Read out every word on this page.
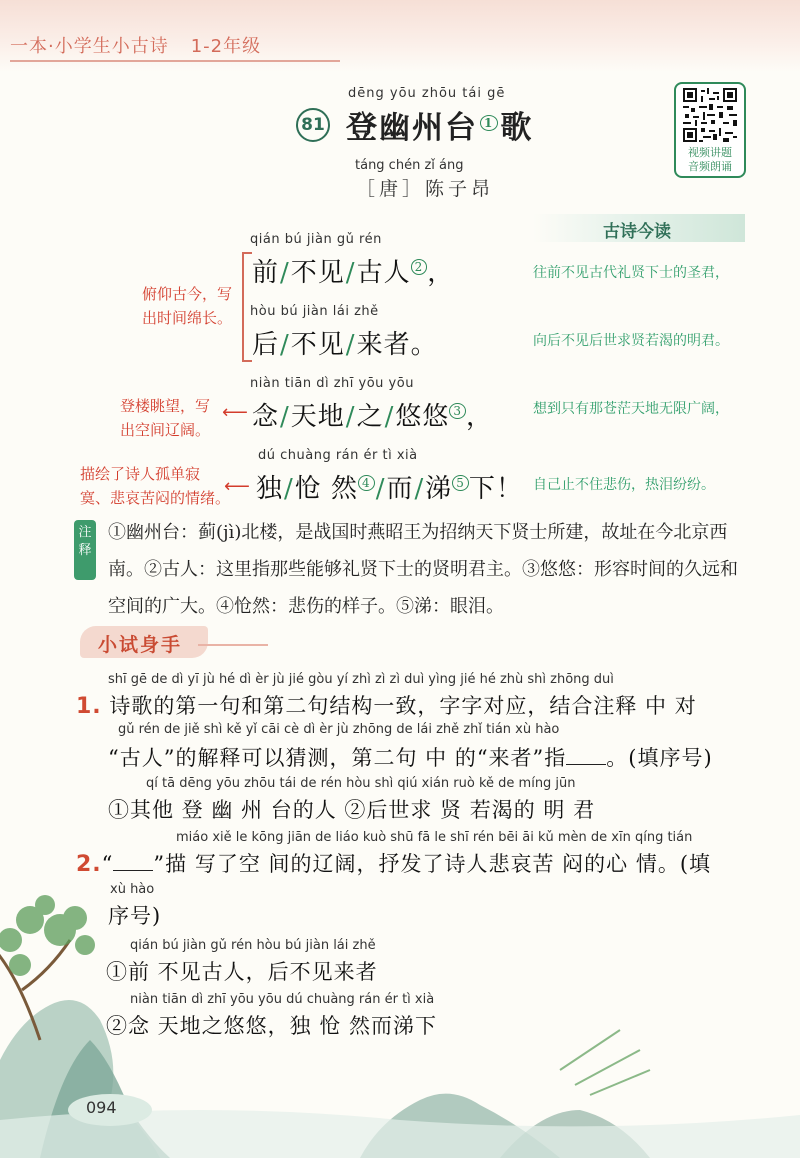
一本·小学生小古诗 1-2年级
81
dēng yōu zhōu tái gē
登幽州台 $^1$ 歌
táng chén zǐ áng
［唐］陈子昂
视频讲题
音频朗诵
古诗今读
qián bú jiàn gǔ rén
前/不见/古人 $^2$ ，	往前不见古代礼贤下士的圣君，
hòu bú jiàn lái zhě
后/不见/来者。	向后不见后世求贤若渴的明君。
俯仰古今，写
出时间绵长。
niàn tiān dì zhī yōu yōu
念/天地/之/悠悠 $^3$ ，	想到只有那苍茫天地无限广阔，
登楼眺望，写
出空间辽阔。
⟵
dú chuàng rán ér tì xià
独/怆 然 $^4$ /而/涕 $^5$ 下！ 自己止不住悲伤，热泪纷纷。
描绘了诗人孤单寂
寞、悲哀苦闷的情绪。
⟵
注释
①幽州台：蓟(jì)北楼，是战国时燕昭王为招纳天下贤士所建，故址在今北京西南。②古人：这里指那些能够礼贤下士的贤明君主。③悠悠：形容时间的久远和空间的广大。④怆然：悲伤的样子。⑤涕：眼泪。
小试身手
shī gē de dì yī jù hé dì èr jù jié gòu yí zhì zì zì duì yìng jié hé zhù shì zhōng duì
1. 诗歌的第一句和第二句结构一致，字字对应，结合注释 中 对
gǔ rén de jiě shì kě yǐ cāi cè dì èr jù zhōng de lái zhě zhǐ tián xù hào
“古人”的解释可以猜测，第二句 中 的“来者”指 。(填序号)
qí tā dēng yōu zhōu tái de rén hòu shì qiú xián ruò kě de míng jūn
①其他 登 幽 州 台的人 ②后世求 贤 若渴的 明 君
miáo xiě le kōng jiān de liáo kuò shū fā le shī rén bēi āi kǔ mèn de xīn qíng tián
2.“ ”描 写了空 间的辽阔，抒发了诗人悲哀苦 闷的心 情。(填
xù hào
序号)
qián bú jiàn gǔ rén hòu bú jiàn lái zhě
①前 不见古人，后不见来者
niàn tiān dì zhī yōu yōu dú chuàng rán ér tì xià
②念 天地之悠悠，独 怆 然而涕下
094
